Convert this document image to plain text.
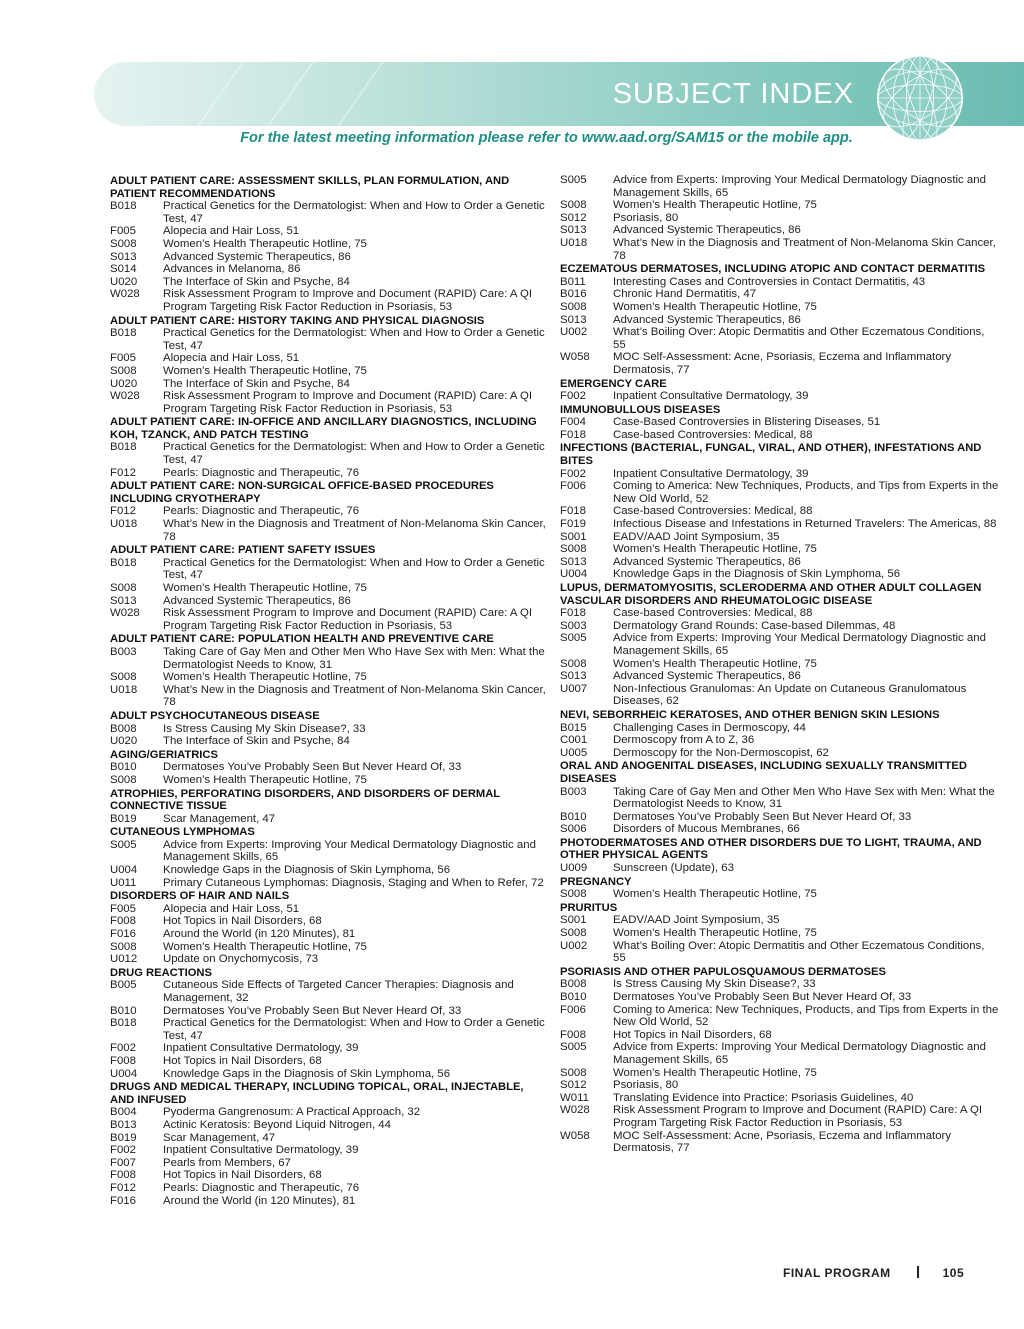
SUBJECT INDEX
For the latest meeting information please refer to www.aad.org/SAM15 or the mobile app.
ADULT PATIENT CARE: ASSESSMENT SKILLS, PLAN FORMULATION, AND PATIENT RECOMMENDATIONS
B018	Practical Genetics for the Dermatologist: When and How to Order a Genetic Test, 47
F005	Alopecia and Hair Loss, 51
S008	Women’s Health Therapeutic Hotline, 75
S013	Advanced Systemic Therapeutics, 86
S014	Advances in Melanoma, 86
U020	The Interface of Skin and Psyche, 84
W028	Risk Assessment Program to Improve and Document (RAPID) Care: A QI Program Targeting Risk Factor Reduction in Psoriasis, 53
ADULT PATIENT CARE: HISTORY TAKING AND PHYSICAL DIAGNOSIS
B018	Practical Genetics for the Dermatologist: When and How to Order a Genetic Test, 47
F005	Alopecia and Hair Loss, 51
S008	Women’s Health Therapeutic Hotline, 75
U020	The Interface of Skin and Psyche, 84
W028	Risk Assessment Program to Improve and Document (RAPID) Care: A QI Program Targeting Risk Factor Reduction in Psoriasis, 53
ADULT PATIENT CARE: IN-OFFICE AND ANCILLARY DIAGNOSTICS, INCLUDING KOH, TZANCK, AND PATCH TESTING
B018	Practical Genetics for the Dermatologist: When and How to Order a Genetic Test, 47
F012	Pearls: Diagnostic and Therapeutic, 76
ADULT PATIENT CARE: NON-SURGICAL OFFICE-BASED PROCEDURES INCLUDING CRYOTHERAPY
F012	Pearls: Diagnostic and Therapeutic, 76
U018	What’s New in the Diagnosis and Treatment of Non-Melanoma Skin Cancer, 78
ADULT PATIENT CARE: PATIENT SAFETY ISSUES
B018	Practical Genetics for the Dermatologist: When and How to Order a Genetic Test, 47
S008	Women’s Health Therapeutic Hotline, 75
S013	Advanced Systemic Therapeutics, 86
W028	Risk Assessment Program to Improve and Document (RAPID) Care: A QI Program Targeting Risk Factor Reduction in Psoriasis, 53
ADULT PATIENT CARE: POPULATION HEALTH AND PREVENTIVE CARE
B003	Taking Care of Gay Men and Other Men Who Have Sex with Men: What the Dermatologist Needs to Know, 31
S008	Women’s Health Therapeutic Hotline, 75
U018	What’s New in the Diagnosis and Treatment of Non-Melanoma Skin Cancer, 78
ADULT PSYCHOCUTANEOUS DISEASE
B008	Is Stress Causing My Skin Disease?, 33
U020	The Interface of Skin and Psyche, 84
AGING/GERIATRICS
B010	Dermatoses You’ve Probably Seen But Never Heard Of, 33
S008	Women’s Health Therapeutic Hotline, 75
ATROPHIES, PERFORATING DISORDERS, AND DISORDERS OF DERMAL CONNECTIVE TISSUE
B019	Scar Management, 47
CUTANEOUS LYMPHOMAS
S005	Advice from Experts: Improving Your Medical Dermatology Diagnostic and Management Skills, 65
U004	Knowledge Gaps in the Diagnosis of Skin Lymphoma, 56
U011	Primary Cutaneous Lymphomas: Diagnosis, Staging and When to Refer, 72
DISORDERS OF HAIR AND NAILS
F005	Alopecia and Hair Loss, 51
F008	Hot Topics in Nail Disorders, 68
F016	Around the World (in 120 Minutes), 81
S008	Women’s Health Therapeutic Hotline, 75
U012	Update on Onychomycosis, 73
DRUG REACTIONS
B005	Cutaneous Side Effects of Targeted Cancer Therapies: Diagnosis and Management, 32
B010	Dermatoses You’ve Probably Seen But Never Heard Of, 33
B018	Practical Genetics for the Dermatologist: When and How to Order a Genetic Test, 47
F002	Inpatient Consultative Dermatology, 39
F008	Hot Topics in Nail Disorders, 68
U004	Knowledge Gaps in the Diagnosis of Skin Lymphoma, 56
DRUGS AND MEDICAL THERAPY, INCLUDING TOPICAL, ORAL, INJECTABLE, AND INFUSED
B004	Pyoderma Gangrenosum: A Practical Approach, 32
B013	Actinic Keratosis: Beyond Liquid Nitrogen, 44
B019	Scar Management, 47
F002	Inpatient Consultative Dermatology, 39
F007	Pearls from Members, 67
F008	Hot Topics in Nail Disorders, 68
F012	Pearls: Diagnostic and Therapeutic, 76
F016	Around the World (in 120 Minutes), 81
S005	Advice from Experts: Improving Your Medical Dermatology Diagnostic and Management Skills, 65
S008	Women’s Health Therapeutic Hotline, 75
S012	Psoriasis, 80
S013	Advanced Systemic Therapeutics, 86
U018	What’s New in the Diagnosis and Treatment of Non-Melanoma Skin Cancer, 78
ECZEMATOUS DERMATOSES, INCLUDING ATOPIC AND CONTACT DERMATITIS
B011	Interesting Cases and Controversies in Contact Dermatitis, 43
B016	Chronic Hand Dermatitis, 47
S008	Women’s Health Therapeutic Hotline, 75
S013	Advanced Systemic Therapeutics, 86
U002	What’s Boiling Over: Atopic Dermatitis and Other Eczematous Conditions, 55
W058	MOC Self-Assessment: Acne, Psoriasis, Eczema and Inflammatory Dermatosis, 77
EMERGENCY CARE
F002	Inpatient Consultative Dermatology, 39
IMMUNOBULLOUS DISEASES
F004	Case-Based Controversies in Blistering Diseases, 51
F018	Case-based Controversies: Medical, 88
INFECTIONS (BACTERIAL, FUNGAL, VIRAL, AND OTHER), INFESTATIONS AND BITES
F002	Inpatient Consultative Dermatology, 39
F006	Coming to America: New Techniques, Products, and Tips from Experts in the New Old World, 52
F018	Case-based Controversies: Medical, 88
F019	Infectious Disease and Infestations in Returned Travelers: The Americas, 88
S001	EADV/AAD Joint Symposium, 35
S008	Women’s Health Therapeutic Hotline, 75
S013	Advanced Systemic Therapeutics, 86
U004	Knowledge Gaps in the Diagnosis of Skin Lymphoma, 56
LUPUS, DERMATOMYOSITIS, SCLERODERMA AND OTHER ADULT COLLAGEN VASCULAR DISORDERS AND RHEUMATOLOGIC DISEASE
F018	Case-based Controversies: Medical, 88
S003	Dermatology Grand Rounds: Case-based Dilemmas, 48
S005	Advice from Experts: Improving Your Medical Dermatology Diagnostic and Management Skills, 65
S008	Women’s Health Therapeutic Hotline, 75
S013	Advanced Systemic Therapeutics, 86
U007	Non-Infectious Granulomas: An Update on Cutaneous Granulomatous Diseases, 62
NEVI, SEBORRHEIC KERATOSES, AND OTHER BENIGN SKIN LESIONS
B015	Challenging Cases in Dermoscopy, 44
C001	Dermoscopy from A to Z, 36
U005	Dermoscopy for the Non-Dermoscopist, 62
ORAL AND ANOGENITAL DISEASES, INCLUDING SEXUALLY TRANSMITTED DISEASES
B003	Taking Care of Gay Men and Other Men Who Have Sex with Men: What the Dermatologist Needs to Know, 31
B010	Dermatoses You’ve Probably Seen But Never Heard Of, 33
S006	Disorders of Mucous Membranes, 66
PHOTODERMATOSES AND OTHER DISORDERS DUE TO LIGHT, TRAUMA, AND OTHER PHYSICAL AGENTS
U009	Sunscreen (Update), 63
PREGNANCY
S008	Women’s Health Therapeutic Hotline, 75
PRURITUS
S001	EADV/AAD Joint Symposium, 35
S008	Women’s Health Therapeutic Hotline, 75
U002	What’s Boiling Over: Atopic Dermatitis and Other Eczematous Conditions, 55
PSORIASIS AND OTHER PAPULOSQUAMOUS DERMATOSES
B008	Is Stress Causing My Skin Disease?, 33
B010	Dermatoses You’ve Probably Seen But Never Heard Of, 33
F006	Coming to America: New Techniques, Products, and Tips from Experts in the New Old World, 52
F008	Hot Topics in Nail Disorders, 68
S005	Advice from Experts: Improving Your Medical Dermatology Diagnostic and Management Skills, 65
S008	Women’s Health Therapeutic Hotline, 75
S012	Psoriasis, 80
W011	Translating Evidence into Practice: Psoriasis Guidelines, 40
W028	Risk Assessment Program to Improve and Document (RAPID) Care: A QI Program Targeting Risk Factor Reduction in Psoriasis, 53
W058	MOC Self-Assessment: Acne, Psoriasis, Eczema and Inflammatory Dermatosis, 77
FINAL PROGRAM	105
